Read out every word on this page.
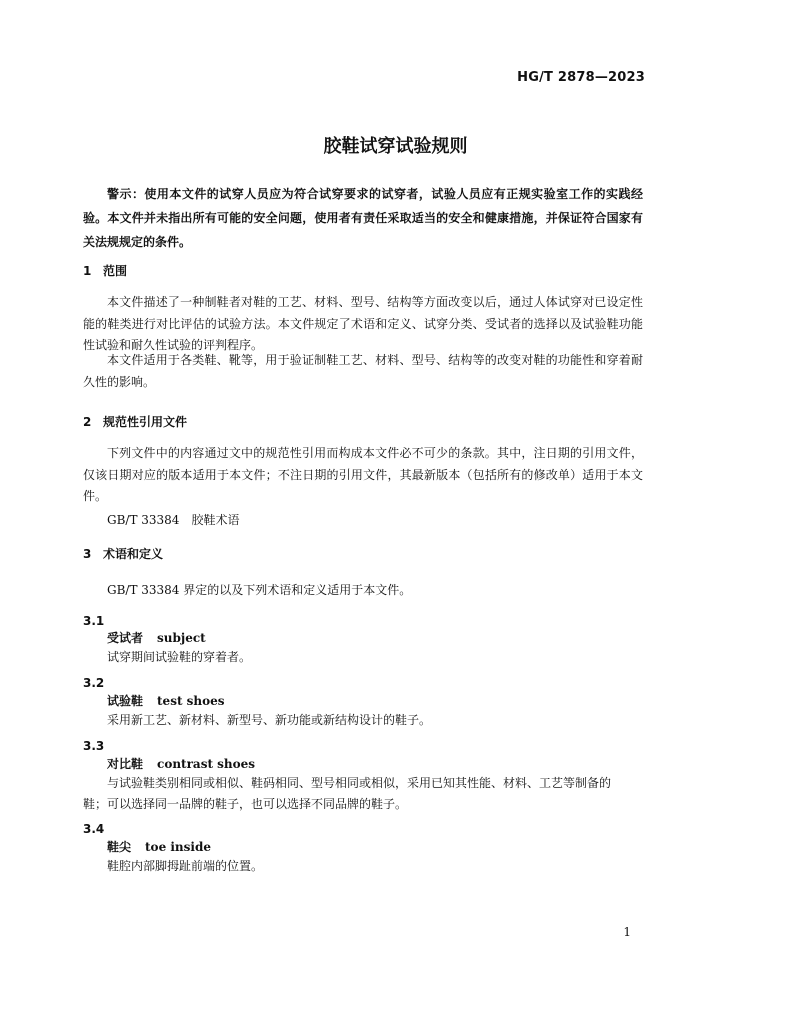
HG/T 2878—2023
胶鞋试穿试验规则
警示：使用本文件的试穿人员应为符合试穿要求的试穿者，试验人员应有正规实验室工作的实践经验。本文件并未指出所有可能的安全问题，使用者有责任采取适当的安全和健康措施，并保证符合国家有关法规规定的条件。
1 范围
本文件描述了一种制鞋者对鞋的工艺、材料、型号、结构等方面改变以后，通过人体试穿对已设定性能的鞋类进行对比评估的试验方法。本文件规定了术语和定义、试穿分类、受试者的选择以及试验鞋功能性试验和耐久性试验的评判程序。
本文件适用于各类鞋、靴等，用于验证制鞋工艺、材料、型号、结构等的改变对鞋的功能性和穿着耐久性的影响。
2 规范性引用文件
下列文件中的内容通过文中的规范性引用而构成本文件必不可少的条款。其中，注日期的引用文件，仅该日期对应的版本适用于本文件；不注日期的引用文件，其最新版本（包括所有的修改单）适用于本文件。
GB/T 33384　胶鞋术语
3 术语和定义
GB/T 33384 界定的以及下列术语和定义适用于本文件。
3.1
受试者 subject
试穿期间试验鞋的穿着者。
3.2
试验鞋 test shoes
采用新工艺、新材料、新型号、新功能或新结构设计的鞋子。
3.3
对比鞋 contrast shoes
与试验鞋类别相同或相似、鞋码相同、型号相同或相似，采用已知其性能、材料、工艺等制备的
鞋；可以选择同一品牌的鞋子，也可以选择不同品牌的鞋子。
3.4
鞋尖 toe inside
鞋腔内部脚拇趾前端的位置。
1
